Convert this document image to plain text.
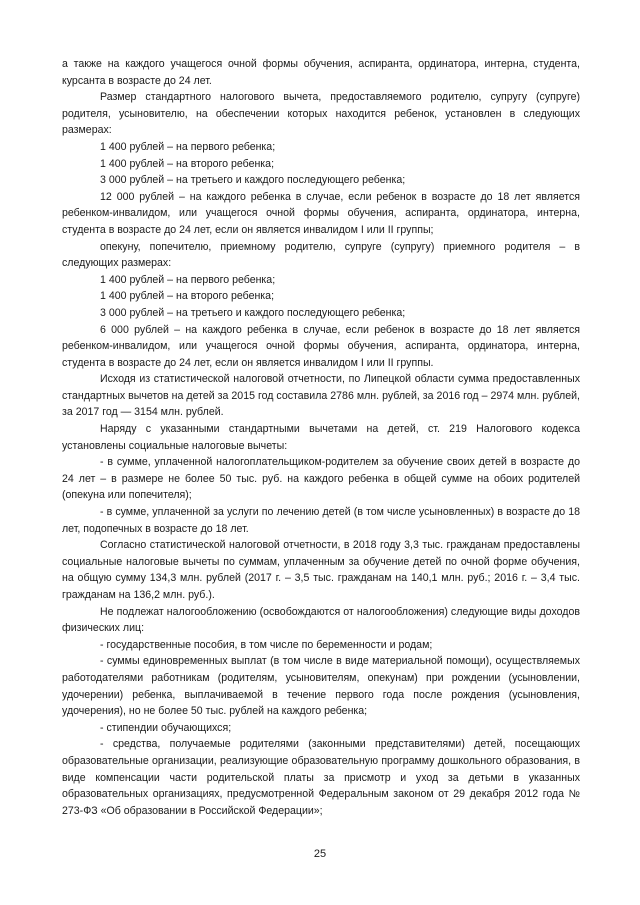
а также на каждого учащегося очной формы обучения, аспиранта, ординатора, интерна, студента, курсанта в возрасте до 24 лет.

Размер стандартного налогового вычета, предоставляемого родителю, супругу (супруге) родителя, усыновителю, на обеспечении которых находится ребенок, установлен в следующих размерах:

1 400 рублей – на первого ребенка;

1 400 рублей – на второго ребенка;

3 000 рублей – на третьего и каждого последующего ребенка;

12 000 рублей – на каждого ребенка в случае, если ребенок в возрасте до 18 лет является ребенком-инвалидом, или учащегося очной формы обучения, аспиранта, ординатора, интерна, студента в возрасте до 24 лет, если он является инвалидом I или II группы;

опекуну, попечителю, приемному родителю, супруге (супругу) приемного родителя – в следующих размерах:

1 400 рублей – на первого ребенка;

1 400 рублей – на второго ребенка;

3 000 рублей – на третьего и каждого последующего ребенка;

6 000 рублей – на каждого ребенка в случае, если ребенок в возрасте до 18 лет является ребенком-инвалидом, или учащегося очной формы обучения, аспиранта, ординатора, интерна, студента в возрасте до 24 лет, если он является инвалидом I или II группы.

Исходя из статистической налоговой отчетности, по Липецкой области сумма предоставленных стандартных вычетов на детей за 2015 год составила 2786 млн. рублей, за 2016 год – 2974 млн. рублей, за 2017 год — 3154 млн. рублей.

Наряду с указанными стандартными вычетами на детей, ст. 219 Налогового кодекса установлены социальные налоговые вычеты:

- в сумме, уплаченной налогоплательщиком-родителем за обучение своих детей в возрасте до 24 лет – в размере не более 50 тыс. руб. на каждого ребенка в общей сумме на обоих родителей (опекуна или попечителя);

- в сумме, уплаченной за услуги по лечению детей (в том числе усыновленных) в возрасте до 18 лет, подопечных в возрасте до 18 лет.

Согласно статистической налоговой отчетности, в 2018 году 3,3 тыс. гражданам предоставлены социальные налоговые вычеты по суммам, уплаченным за обучение детей по очной форме обучения, на общую сумму 134,3 млн. рублей (2017 г. – 3,5 тыс. гражданам на 140,1 млн. руб.; 2016 г. – 3,4 тыс. гражданам на 136,2 млн. руб.).

Не подлежат налогообложению (освобождаются от налогообложения) следующие виды доходов физических лиц:

- государственные пособия, в том числе по беременности и родам;

- суммы единовременных выплат (в том числе в виде материальной помощи), осуществляемых работодателями работникам (родителям, усыновителям, опекунам) при рождении (усыновлении, удочерении) ребенка, выплачиваемой в течение первого года после рождения (усыновления, удочерения), но не более 50 тыс. рублей на каждого ребенка;

- стипендии обучающихся;

- средства, получаемые родителями (законными представителями) детей, посещающих образовательные организации, реализующие образовательную программу дошкольного образования, в виде компенсации части родительской платы за присмотр и уход за детьми в указанных образовательных организациях, предусмотренной Федеральным законом от 29 декабря 2012 года № 273-ФЗ «Об образовании в Российской Федерации»;

25
